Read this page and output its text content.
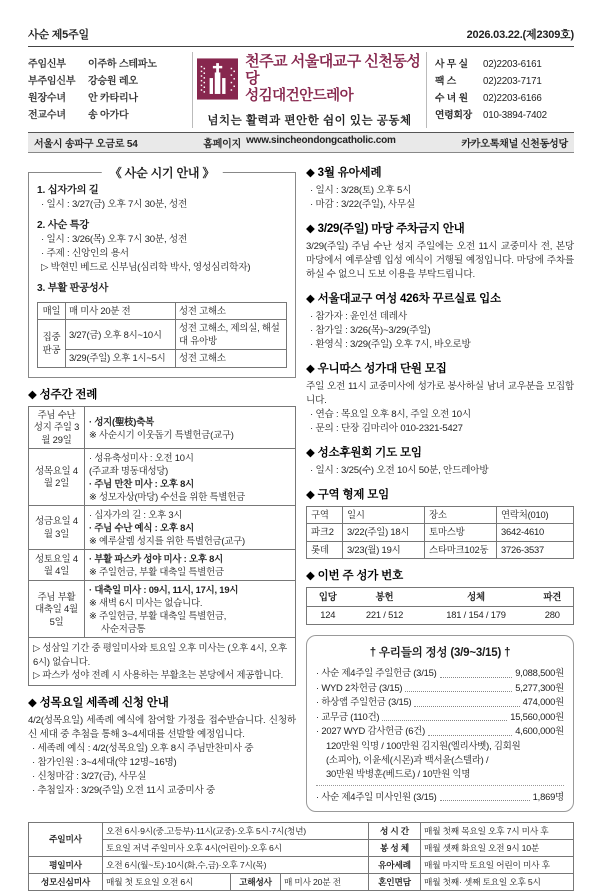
사순 제5주일	2026.03.22.(제2309호)
주임신부	이주하 스테파노
부주임신부	강승원 레오
원장수녀	안 카타리나
전교수녀	송 아가다
천주교 서울대교구 신천동성당
성김대건안드레아
넘치는 활력과 편안한 쉼이 있는 공동체
사 무 실	02)2203-6161
팩 스	02)2203-7171
수 녀 원	02)2203-6166
연령회장	010-3894-7402
서울시 송파구 오금로 54	홈페이지 www.sincheondongcatholic.com	카카오톡채널 신천동성당
《 사순 시기 안내 》
1. 십자가의 길
· 일시 : 3/27(금) 오후 7시 30분, 성전
2. 사순 특강
· 일시 : 3/26(목) 오후 7시 30분, 성전
· 주제 : 신앙인의 용서
▷ 박현민 베드로 신부님(심리학 박사, 영성심리학자)
3. 부활 판공성사
매일	매 미사 20분 전	성전 고해소
집중 판공	3/27(금) 오후 8시~10시	성전 고해소, 제의실, 해설대 유아방
	3/29(주일) 오후 1시~5시	성전 고해소
◆ 성주간 전례
주님 수난 성지 주일 3월 29일	· 성지(聖枝)축복
※ 사순시기 이웃돕기 특별헌금(교구)

성목요일 4월 2일	· 성유축성미사 : 오전 10시
(주교좌 명동대성당)
· 주님 만찬 미사 : 오후 8시
※ 성모자상(마당) 수선을 위한 특별헌금

성금요일 4월 3일	· 십자가의 길 : 오후 3시
· 주님 수난 예식 : 오후 8시
※ 예루살렘 성지를 위한 특별헌금(교구)

성토요일 4월 4일	· 부활 파스카 성야 미사 : 오후 8시
※ 주일헌금, 부활 대축일 특별헌금

주님 부활 대축일 4월 5일	· 대축일 미사 : 09시, 11시, 17시, 19시
※ 새벽 6시 미사는 없습니다.
※ 주일헌금, 부활 대축일 특별헌금,
사순저금통

▷ 성삼일 기간 중 평일미사와 토요일 오후 미사는 (오후 4시, 오후 6시) 없습니다.
▷ 파스카 성야 전례 시 사용하는 부활초는 본당에서 제공합니다.	
◆ 성목요일 세족례 신청 안내
4/2(성목요일) 세족례 예식에 참여할 가정을 접수받습니다. 신청하신 세대 중 추첨을 통해 3~4세대를 선발할 예정입니다.
· 세족례 예식 : 4/2(성목요일) 오후 8시 주님만찬미사 중
· 참가인원 : 3~4세대(약 12명~16명)
· 신청마감 : 3/27(금), 사무실
· 추첨일자 : 3/29(주일) 오전 11시 교중미사 중
◆ 3월 유아세례
· 일시 : 3/28(토) 오후 5시
· 마감 : 3/22(주일), 사무실
◆ 3/29(주일) 마당 주차금지 안내
3/29(주일) 주님 수난 성지 주일에는 오전 11시 교중미사 전, 본당 마당에서 예루살렘 입성 예식이 거행될 예정입니다. 마당에 주차를 하실 수 없으니 도보 이용을 부탁드립니다.
◆ 서울대교구 여성 426차 꾸르실료 입소
· 참가자 : 윤인선 데레사
· 참가일 : 3/26(목)~3/29(주일)
· 환영식 : 3/29(주일) 오후 7시, 바오로방
◆ 우니따스 성가대 단원 모집
주일 오전 11시 교중미사에 성가로 봉사하실 남녀 교우분을 모집합니다.
· 연습 : 목요일 오후 8시, 주일 오전 10시
· 문의 : 단장 김마리아 010-2321-5427
◆ 성소후원회 기도 모임
· 일시 : 3/25(수) 오전 10시 50분, 안드레아방
◆ 구역 형제 모임
구역	일시	장소	연락처(010)
파크2	3/22(주일) 18시	토마스방	3642-4610
롯데	3/23(월) 19시	스타마크102동	3726-3537
◆ 이번 주 성가 번호
입당	봉헌	성체	파견
124	221 / 512	181 / 154 / 179	280
† 우리들의 정성 (3/9~3/15) †
· 사순 제4주일 주일헌금 (3/15)	9,088,500원
· WYD 2차헌금 (3/15)	5,277,300원
· 하상앱 주일헌금 (3/15)	474,000원
· 교무금 (110건)	15,560,000원
· 2027 WYD 감사헌금 (6건)	4,600,000원
120만원 익명 / 100만원 김지원(엘리사벳), 김회원
(소피아), 이윤세(시몬)과 백서윤(스텔라) /
30만원 박병훈(베드로) / 10만원 익명
· 사순 제4주일 미사인원 (3/15)	1,869명
주일미사	오전 6시·9시(중.고등부)·11시(교중)·오후 5시·7시(청년)			성 시 간	매월 첫째 목요일 오후 7시 미사 후
	토요일 저녁 주일미사 오후 4시(어린이)·오후 6시			봉 성 체	매월 셋째 화요일 오전 9시 10분
평일미사	오전 6시(월~토)·10시(화,수,금)·오후 7시(목)			유아세례	매월 마지막 토요일 어린이 미사 후
성모신심미사	매월 첫 토요일 오전 6시	고해성사	매 미사 20분 전	혼인면담	매월 첫째· 셋째 토요일 오후 5시
